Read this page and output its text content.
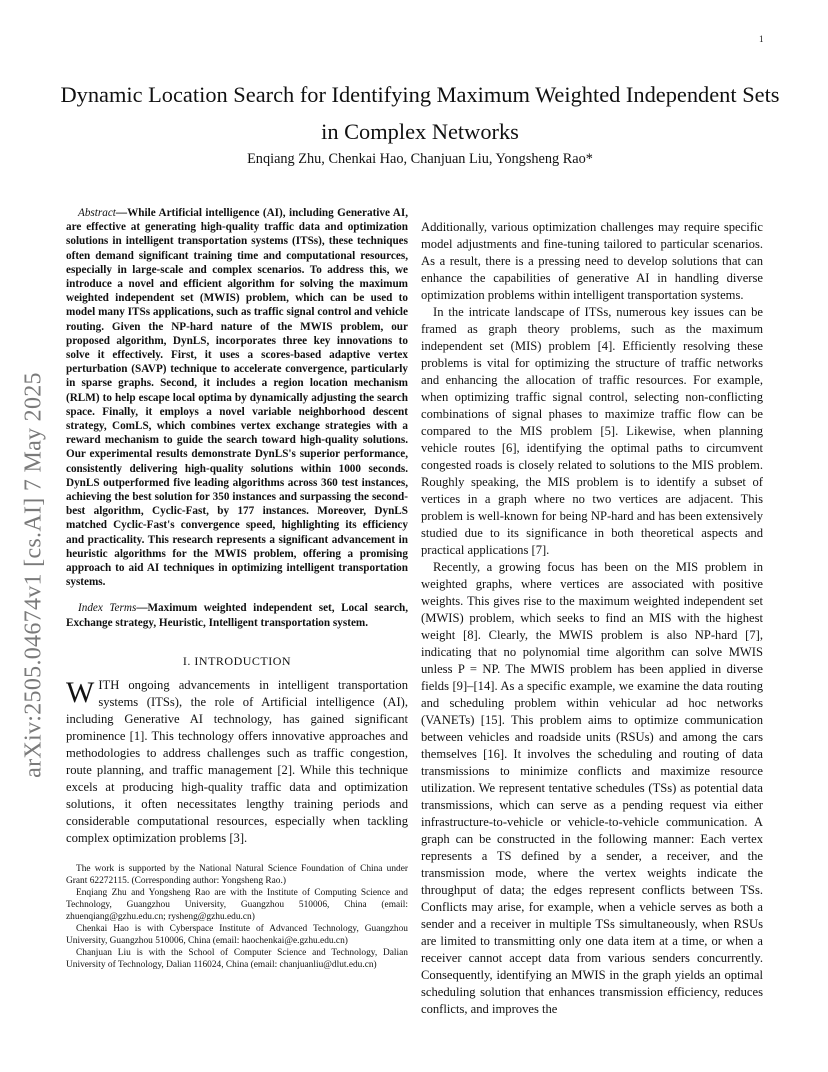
1
arXiv:2505.04674v1 [cs.AI] 7 May 2025
Dynamic Location Search for Identifying Maximum Weighted Independent Sets in Complex Networks
Enqiang Zhu, Chenkai Hao, Chanjuan Liu, Yongsheng Rao*

Abstract—While Artificial intelligence (AI), including Generative AI, are effective at generating high-quality traffic data and optimization solutions in intelligent transportation systems (ITSs), these techniques often demand significant training time and computational resources, especially in large-scale and complex scenarios. To address this, we introduce a novel and efficient algorithm for solving the maximum weighted independent set (MWIS) problem, which can be used to model many ITSs applications, such as traffic signal control and vehicle routing. Given the NP-hard nature of the MWIS problem, our proposed algorithm, DynLS, incorporates three key innovations to solve it effectively. First, it uses a scores-based adaptive vertex perturbation (SAVP) technique to accelerate convergence, particularly in sparse graphs. Second, it includes a region location mechanism (RLM) to help escape local optima by dynamically adjusting the search space. Finally, it employs a novel variable neighborhood descent strategy, ComLS, which combines vertex exchange strategies with a reward mechanism to guide the search toward high-quality solutions. Our experimental results demonstrate DynLS's superior performance, consistently delivering high-quality solutions within 1000 seconds. DynLS outperformed five leading algorithms across 360 test instances, achieving the best solution for 350 instances and surpassing the second-best algorithm, Cyclic-Fast, by 177 instances. Moreover, DynLS matched Cyclic-Fast's convergence speed, highlighting its efficiency and practicality. This research represents a significant advancement in heuristic algorithms for the MWIS problem, offering a promising approach to aid AI techniques in optimizing intelligent transportation systems.

Index Terms—Maximum weighted independent set, Local search, Exchange strategy, Heuristic, Intelligent transportation system.

I. INTRODUCTION

WITH ongoing advancements in intelligent transportation systems (ITSs), the role of Artificial intelligence (AI), including Generative AI technology, has gained significant prominence [1]. This technology offers innovative approaches and methodologies to address challenges such as traffic congestion, route planning, and traffic management [2]. While this technique excels at producing high-quality traffic data and optimization solutions, it often necessitates lengthy training periods and considerable computational resources, especially when tackling complex optimization problems [3].

The work is supported by the National Natural Science Foundation of China under Grant 62272115. (Corresponding author: Yongsheng Rao.)

Enqiang Zhu and Yongsheng Rao are with the Institute of Computing Science and Technology, Guangzhou University, Guangzhou 510006, China (email: zhuenqiang@gzhu.edu.cn; rysheng@gzhu.edu.cn)

Chenkai Hao is with Cyberspace Institute of Advanced Technology, Guangzhou University, Guangzhou 510006, China (email: haochenkai@e.gzhu.edu.cn)

Chanjuan Liu is with the School of Computer Science and Technology, Dalian University of Technology, Dalian 116024, China (email: chanjuanliu@dlut.edu.cn)

Additionally, various optimization challenges may require specific model adjustments and fine-tuning tailored to particular scenarios. As a result, there is a pressing need to develop solutions that can enhance the capabilities of generative AI in handling diverse optimization problems within intelligent transportation systems.

In the intricate landscape of ITSs, numerous key issues can be framed as graph theory problems, such as the maximum independent set (MIS) problem [4]. Efficiently resolving these problems is vital for optimizing the structure of traffic networks and enhancing the allocation of traffic resources. For example, when optimizing traffic signal control, selecting non-conflicting combinations of signal phases to maximize traffic flow can be compared to the MIS problem [5]. Likewise, when planning vehicle routes [6], identifying the optimal paths to circumvent congested roads is closely related to solutions to the MIS problem. Roughly speaking, the MIS problem is to identify a subset of vertices in a graph where no two vertices are adjacent. This problem is well-known for being NP-hard and has been extensively studied due to its significance in both theoretical aspects and practical applications [7].

Recently, a growing focus has been on the MIS problem in weighted graphs, where vertices are associated with positive weights. This gives rise to the maximum weighted independent set (MWIS) problem, which seeks to find an MIS with the highest weight [8]. Clearly, the MWIS problem is also NP-hard [7], indicating that no polynomial time algorithm can solve MWIS unless P = NP. The MWIS problem has been applied in diverse fields [9]–[14]. As a specific example, we examine the data routing and scheduling problem within vehicular ad hoc networks (VANETs) [15]. This problem aims to optimize communication between vehicles and roadside units (RSUs) and among the cars themselves [16]. It involves the scheduling and routing of data transmissions to minimize conflicts and maximize resource utilization. We represent tentative schedules (TSs) as potential data transmissions, which can serve as a pending request via either infrastructure-to-vehicle or vehicle-to-vehicle communication. A graph can be constructed in the following manner: Each vertex represents a TS defined by a sender, a receiver, and the transmission mode, where the vertex weights indicate the throughput of data; the edges represent conflicts between TSs. Conflicts may arise, for example, when a vehicle serves as both a sender and a receiver in multiple TSs simultaneously, when RSUs are limited to transmitting only one data item at a time, or when a receiver cannot accept data from various senders concurrently. Consequently, identifying an MWIS in the graph yields an optimal scheduling solution that enhances transmission efficiency, reduces conflicts, and improves the
